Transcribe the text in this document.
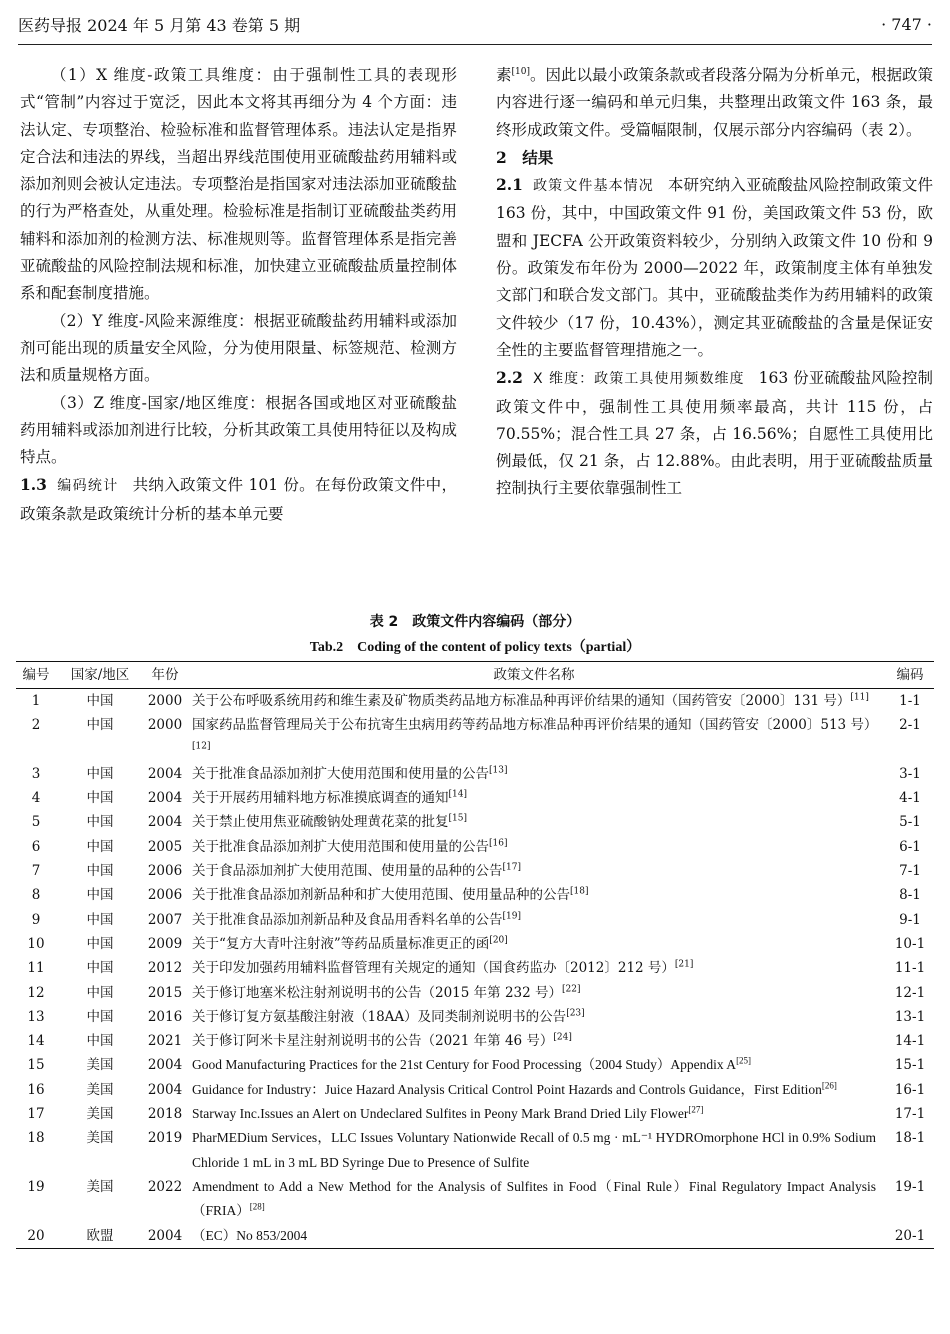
医药导报 2024 年 5 月第 43 卷第 5 期	· 747 ·

（1）X 维度-政策工具维度：由于强制性工具的表现形式“管制”内容过于宽泛，因此本文将其再细分为 4 个方面：违法认定、专项整治、检验标准和监督管理体系。违法认定是指界定合法和违法的界线，当超出界线范围使用亚硫酸盐药用辅料或添加剂则会被认定违法。专项整治是指国家对违法添加亚硫酸盐的行为严格查处，从重处理。检验标准是指制订亚硫酸盐类药用辅料和添加剂的检测方法、标准规则等。监督管理体系是指完善亚硫酸盐的风险控制法规和标准，加快建立亚硫酸盐质量控制体系和配套制度措施。

（2）Y 维度-风险来源维度：根据亚硫酸盐药用辅料或添加剂可能出现的质量安全风险，分为使用限量、标签规范、检测方法和质量规格方面。

（3）Z 维度-国家/地区维度：根据各国或地区对亚硫酸盐药用辅料或添加剂进行比较，分析其政策工具使用特征以及构成特点。

1.3 编码统计 共纳入政策文件 101 份。在每份政策文件中，政策条款是政策统计分析的基本单元要

素[10]。因此以最小政策条款或者段落分隔为分析单元，根据政策内容进行逐一编码和单元归集，共整理出政策文件 163 条，最终形成政策文件。受篇幅限制，仅展示部分内容编码（表 2）。

2　结果

2.1 政策文件基本情况 本研究纳入亚硫酸盐风险控制政策文件 163 份，其中，中国政策文件 91 份，美国政策文件 53 份，欧盟和 JECFA 公开政策资料较少，分别纳入政策文件 10 份和 9 份。政策发布年份为 2000—2022 年，政策制度主体有单独发文部门和联合发文部门。其中，亚硫酸盐类作为药用辅料的政策文件较少（17 份，10.43%），测定其亚硫酸盐的含量是保证安全性的主要监督管理措施之一。

2.2 X 维度：政策工具使用频数维度 163 份亚硫酸盐风险控制政策文件中，强制性工具使用频率最高，共计 115 份，占 70.55%；混合性工具 27 条，占 16.56%；自愿性工具使用比例最低，仅 21 条，占 12.88%。由此表明，用于亚硫酸盐质量控制执行主要依靠强制性工

表 2　政策文件内容编码（部分）
Tab.2　Coding of the content of policy texts（partial）
编号	国家/地区	年份	政策文件名称	编码
1	中国	2000	关于公布呼吸系统用药和维生素及矿物质类药品地方标准品种再评价结果的通知（国药管安〔2000〕131 号）[11]	1-1
2	中国	2000	国家药品监督管理局关于公布抗寄生虫病用药等药品地方标准品种再评价结果的通知（国药管安〔2000〕513 号）[12]	2-1
3	中国	2004	关于批准食品添加剂扩大使用范围和使用量的公告[13]	3-1
4	中国	2004	关于开展药用辅料地方标准摸底调查的通知[14]	4-1
5	中国	2004	关于禁止使用焦亚硫酸钠处理黄花菜的批复[15]	5-1
6	中国	2005	关于批准食品添加剂扩大使用范围和使用量的公告[16]	6-1
7	中国	2006	关于食品添加剂扩大使用范围、使用量的品种的公告[17]	7-1
8	中国	2006	关于批准食品添加剂新品种和扩大使用范围、使用量品种的公告[18]	8-1
9	中国	2007	关于批准食品添加剂新品种及食品用香料名单的公告[19]	9-1
10	中国	2009	关于“复方大青叶注射液”等药品质量标准更正的函[20]	10-1
11	中国	2012	关于印发加强药用辅料监督管理有关规定的通知（国食药监办〔2012〕212 号）[21]	11-1
12	中国	2015	关于修订地塞米松注射剂说明书的公告（2015 年第 232 号）[22]	12-1
13	中国	2016	关于修订复方氨基酸注射液（18AA）及同类制剂说明书的公告[23]	13-1
14	中国	2021	关于修订阿米卡星注射剂说明书的公告（2021 年第 46 号）[24]	14-1
15	美国	2004	Good Manufacturing Practices for the 21st Century for Food Processing（2004 Study）Appendix A[25]	15-1
16	美国	2004	Guidance for Industry：Juice Hazard Analysis Critical Control Point Hazards and Controls Guidance，First Edition[26]	16-1
17	美国	2018	Starway Inc.Issues an Alert on Undeclared Sulfites in Peony Mark Brand Dried Lily Flower[27]	17-1
18	美国	2019	PharMEDium Services，LLC Issues Voluntary Nationwide Recall of 0.5 mg · mL⁻¹ HYDROmorphone HCl in 0.9% Sodium Chloride 1 mL in 3 mL BD Syringe Due to Presence of Sulfite	18-1
19	美国	2022	Amendment to Add a New Method for the Analysis of Sulfites in Food（Final Rule）Final Regulatory Impact Analysis（FRIA）[28]	19-1
20	欧盟	2004	（EC）No 853/2004	20-1
